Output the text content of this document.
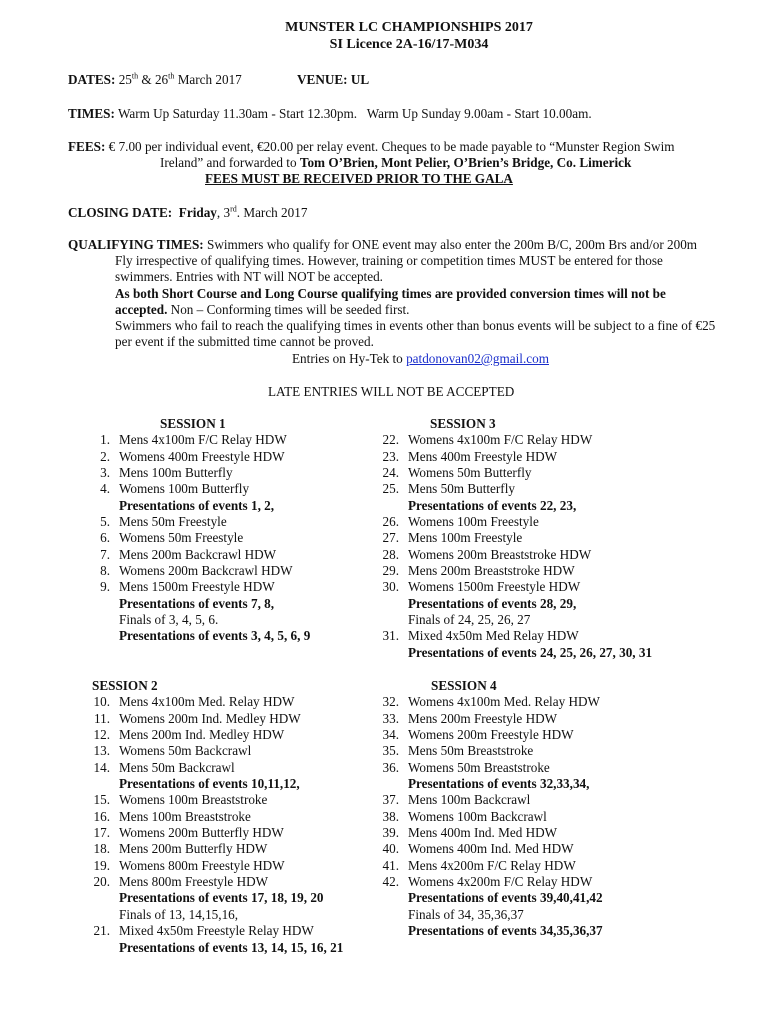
MUNSTER LC CHAMPIONSHIPS 2017
SI Licence 2A-16/17-M034
DATES: 25th & 26th March 2017	VENUE: UL
TIMES: Warm Up Saturday 11.30am - Start 12.30pm.   Warm Up Sunday 9.00am - Start 10.00am.
FEES: € 7.00 per individual event, €20.00 per relay event. Cheques to be made payable to “Munster Region Swim
Ireland” and forwarded to Tom O’Brien, Mont Pelier, O’Brien’s Bridge, Co. Limerick
FEES MUST BE RECEIVED PRIOR TO THE GALA
CLOSING DATE: Friday, 3rd. March 2017
QUALIFYING TIMES: Swimmers who qualify for ONE event may also enter the 200m B/C, 200m Brs and/or 200m
Fly irrespective of qualifying times. However, training or competition times MUST be entered for those
swimmers. Entries with NT will NOT be accepted.
As both Short Course and Long Course qualifying times are provided conversion times will not be
accepted. Non – Conforming times will be seeded first.
Swimmers who fail to reach the qualifying times in events other than bonus events will be subject to a fine of €25
per event if the submitted time cannot be proved.
Entries on Hy-Tek to patdonovan02@gmail.com
LATE ENTRIES WILL NOT BE ACCEPTED
SESSION 1
1. Mens 4x100m F/C Relay HDW
2. Womens 400m Freestyle HDW
3. Mens 100m Butterfly
4. Womens 100m Butterfly
Presentations of events 1, 2,
5. Mens 50m Freestyle
6. Womens 50m Freestyle
7. Mens 200m Backcrawl HDW
8. Womens 200m Backcrawl HDW
9. Mens 1500m Freestyle HDW
Presentations of events 7, 8,
Finals of 3, 4, 5, 6.
Presentations of events 3, 4, 5, 6, 9
SESSION 3
22. Womens 4x100m F/C Relay HDW
23. Mens 400m Freestyle HDW
24. Womens 50m Butterfly
25. Mens 50m Butterfly
Presentations of events 22, 23,
26. Womens 100m Freestyle
27. Mens 100m Freestyle
28. Womens 200m Breaststroke HDW
29. Mens 200m Breaststroke HDW
30. Womens 1500m Freestyle HDW
Presentations of events 28, 29,
Finals of 24, 25, 26, 27
31. Mixed 4x50m Med Relay HDW
Presentations of events 24, 25, 26, 27, 30, 31
SESSION 2
10. Mens 4x100m Med. Relay HDW
11. Womens 200m Ind. Medley HDW
12. Mens 200m Ind. Medley HDW
13. Womens 50m Backcrawl
14. Mens 50m Backcrawl
Presentations of events 10,11,12,
15. Womens 100m Breaststroke
16. Mens 100m Breaststroke
17. Womens 200m Butterfly HDW
18. Mens 200m Butterfly HDW
19. Womens 800m Freestyle HDW
20. Mens 800m Freestyle HDW
Presentations of events 17, 18, 19, 20
Finals of 13, 14,15,16,
21. Mixed 4x50m Freestyle Relay HDW
Presentations of events 13, 14, 15, 16, 21
SESSION 4
32. Womens 4x100m Med. Relay HDW
33. Mens 200m Freestyle HDW
34. Womens 200m Freestyle HDW
35. Mens 50m Breaststroke
36. Womens 50m Breaststroke
Presentations of events 32,33,34,
37. Mens 100m Backcrawl
38. Womens 100m Backcrawl
39. Mens 400m Ind. Med HDW
40. Womens 400m Ind. Med HDW
41. Mens 4x200m F/C Relay HDW
42. Womens 4x200m F/C Relay HDW
Presentations of events 39,40,41,42
Finals of 34, 35,36,37
Presentations of events 34,35,36,37
